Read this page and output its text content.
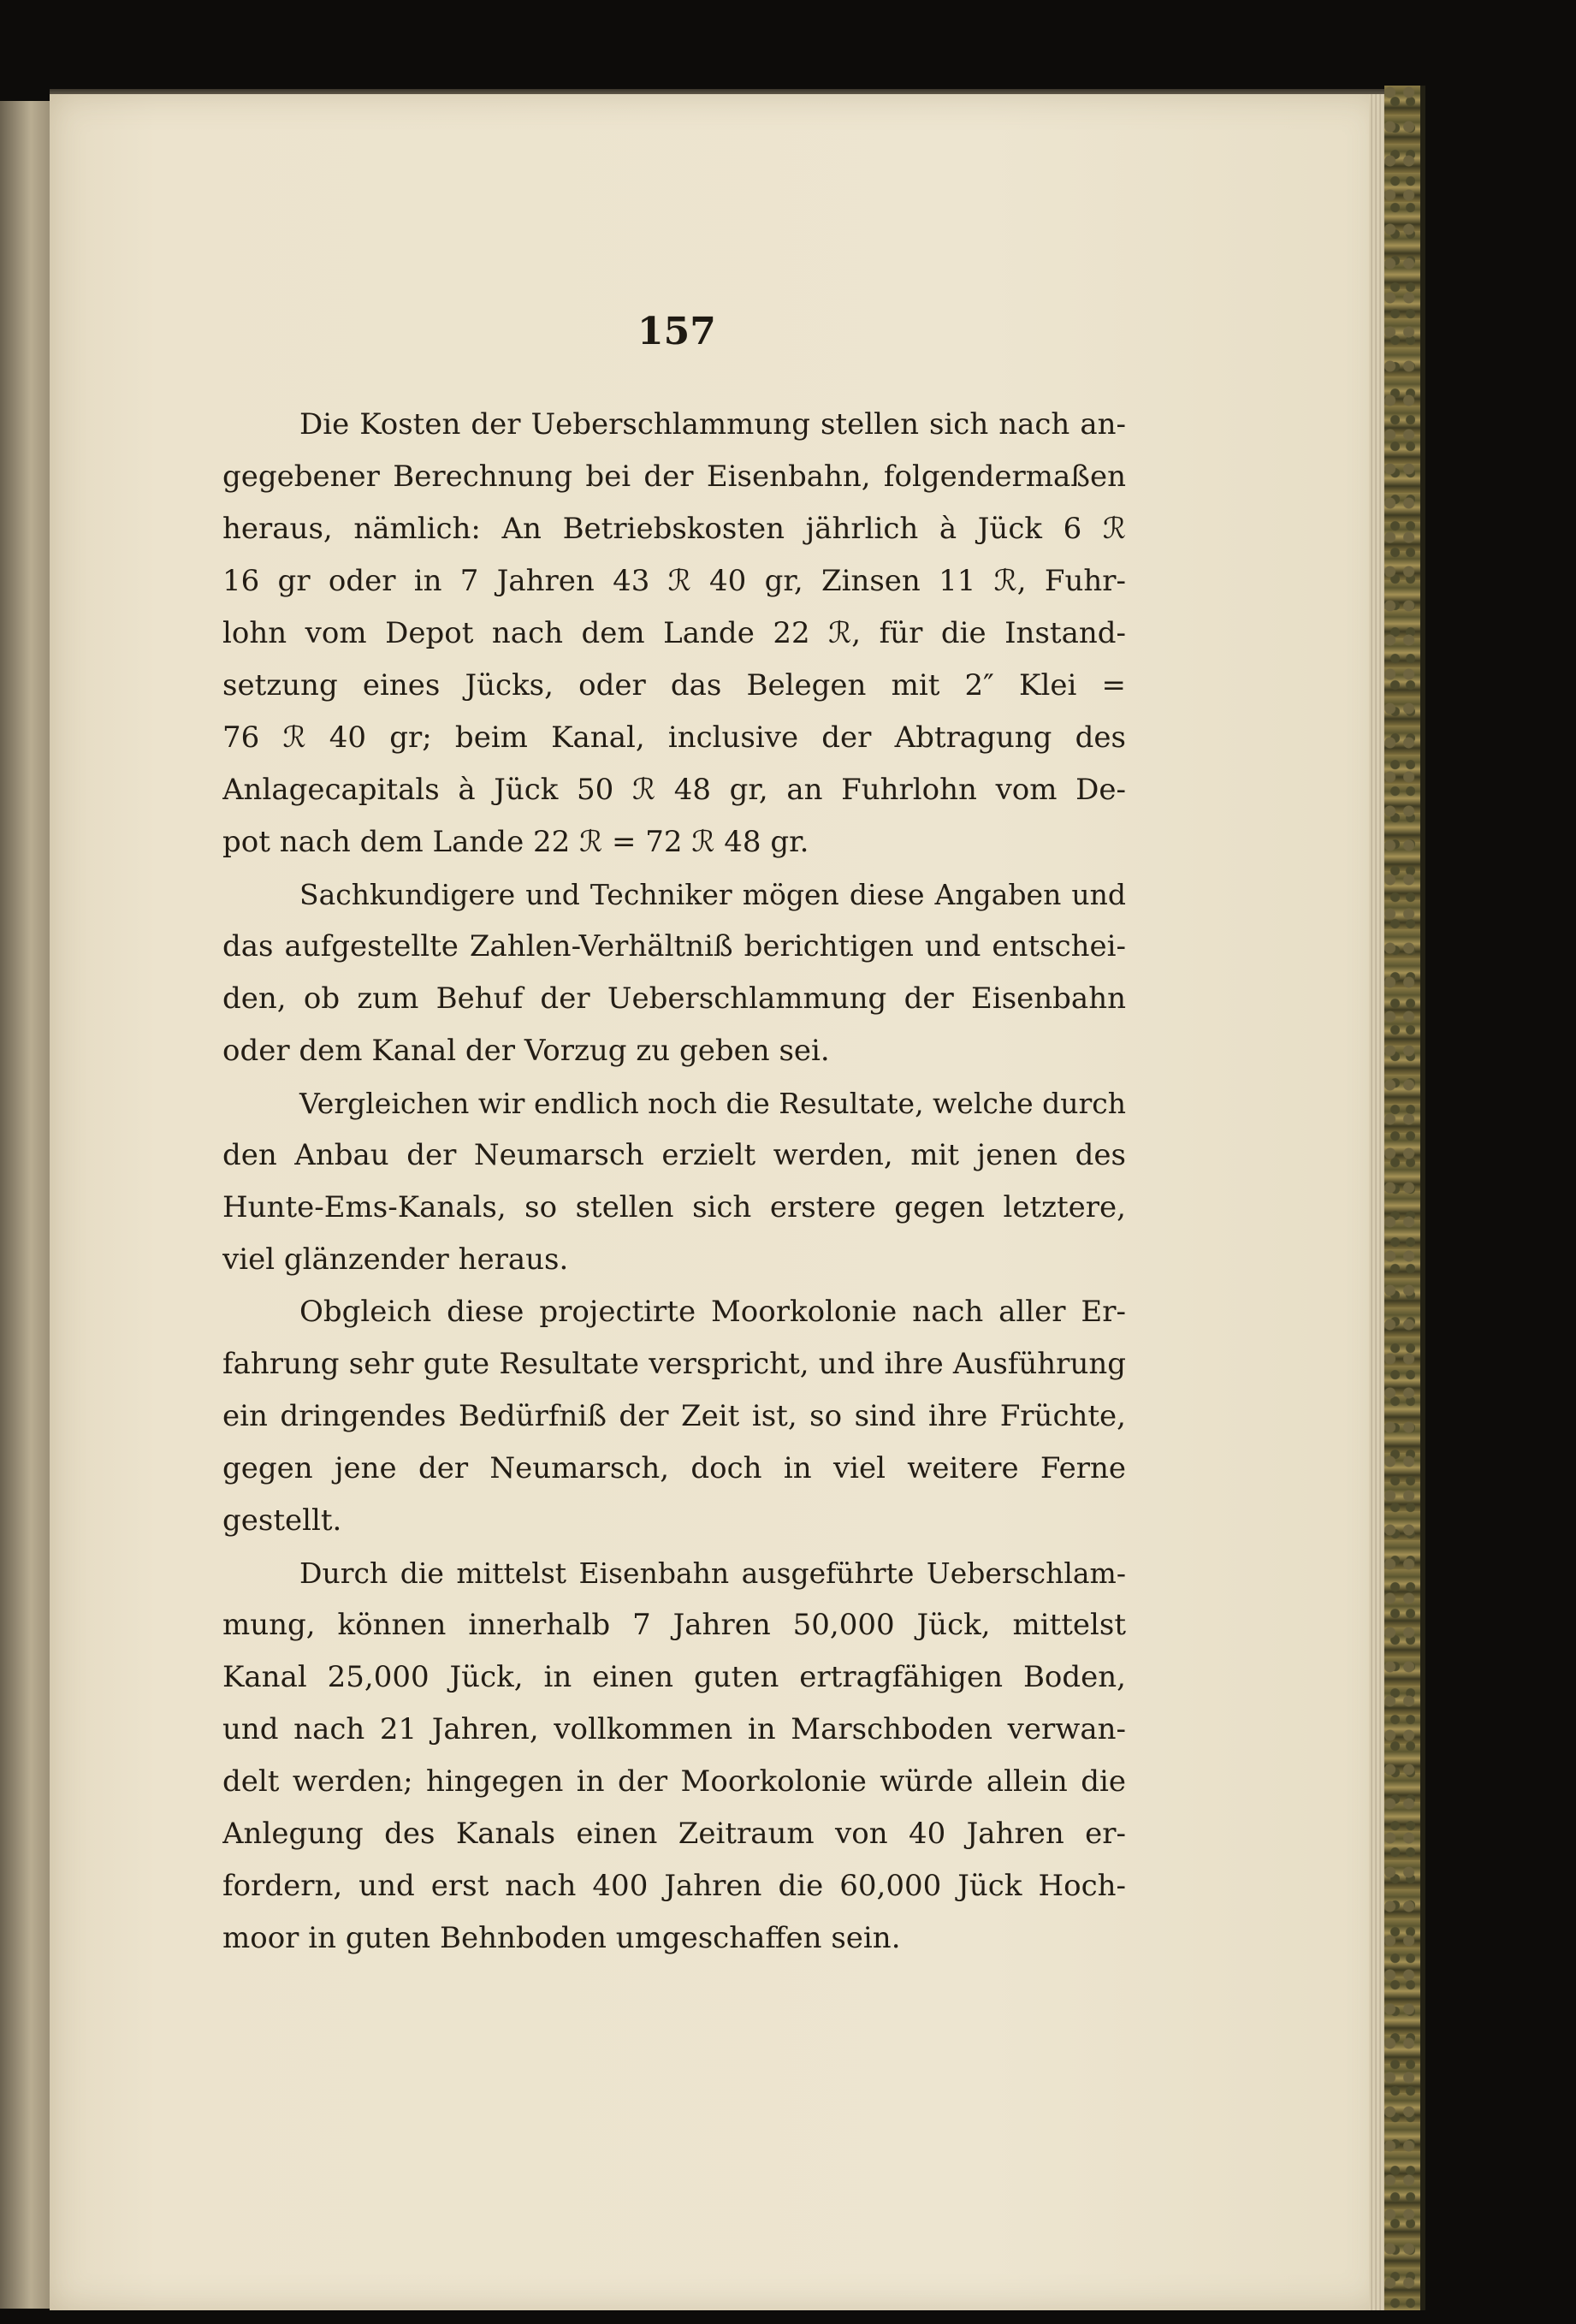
157
Die Kosten der Ueberschlammung stellen sich nach an-
gegebener Berechnung bei der Eisenbahn, folgendermaßen
heraus, nämlich: An Betriebskosten jährlich à Jück 6 ℛ
16 gr oder in 7 Jahren 43 ℛ 40 gr, Zinsen 11 ℛ, Fuhr-
lohn vom Depot nach dem Lande 22 ℛ, für die Instand-
setzung eines Jücks, oder das Belegen mit 2″ Klei =
76 ℛ 40 gr; beim Kanal, inclusive der Abtragung des
Anlagecapitals à Jück 50 ℛ 48 gr, an Fuhrlohn vom De-
pot nach dem Lande 22 ℛ = 72 ℛ 48 gr.
Sachkundigere und Techniker mögen diese Angaben und
das aufgestellte Zahlen-Verhältniß berichtigen und entschei-
den, ob zum Behuf der Ueberschlammung der Eisenbahn
oder dem Kanal der Vorzug zu geben sei.
Vergleichen wir endlich noch die Resultate, welche durch
den Anbau der Neumarsch erzielt werden, mit jenen des
Hunte-Ems-Kanals, so stellen sich erstere gegen letztere,
viel glänzender heraus.
Obgleich diese projectirte Moorkolonie nach aller Er-
fahrung sehr gute Resultate verspricht, und ihre Ausführung
ein dringendes Bedürfniß der Zeit ist, so sind ihre Früchte,
gegen jene der Neumarsch, doch in viel weitere Ferne
gestellt.
Durch die mittelst Eisenbahn ausgeführte Ueberschlam-
mung, können innerhalb 7 Jahren 50,000 Jück, mittelst
Kanal 25,000 Jück, in einen guten ertragfähigen Boden,
und nach 21 Jahren, vollkommen in Marschboden verwan-
delt werden; hingegen in der Moorkolonie würde allein die
Anlegung des Kanals einen Zeitraum von 40 Jahren er-
fordern, und erst nach 400 Jahren die 60,000 Jück Hoch-
moor in guten Behnboden umgeschaffen sein.
